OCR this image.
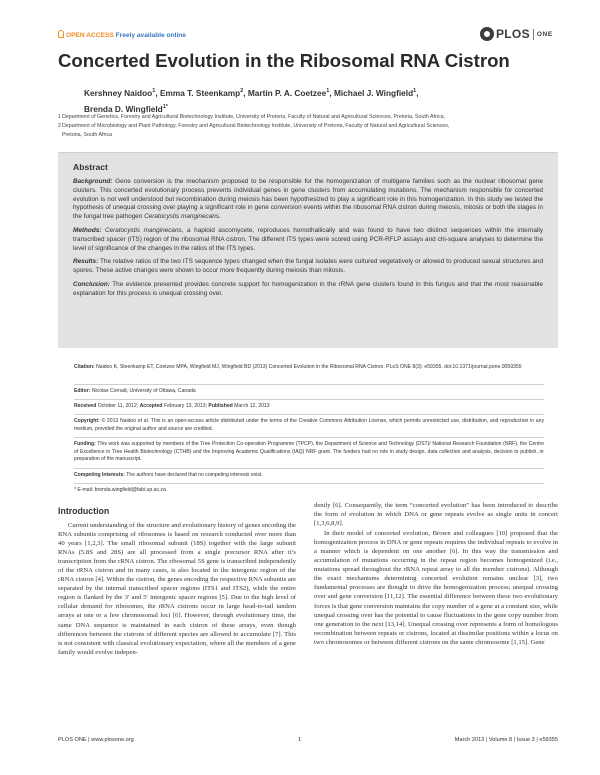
OPEN ACCESS Freely available online	PLOS ONE
Concerted Evolution in the Ribosomal RNA Cistron
Kershney Naidoo$^1$, Emma T. Steenkamp$^2$, Martin P. A. Coetzee$^1$, Michael J. Wingfield$^1$,
Brenda D. Wingfield$^{1*}$
1 Department of Genetics, Forestry and Agricultural Biotechnology Institute, University of Pretoria, Faculty of Natural and Agricultural Sciences, Pretoria, South Africa,
2 Department of Microbiology and Plant Pathology, Forestry and Agricultural Biotechnology Institute, University of Pretoria, Faculty of Natural and Agricultural Sciences,
Pretoria, South Africa
Abstract

Background: Gene conversion is the mechanism proposed to be responsible for the homogenization of multigene families such as the nuclear ribosomal gene clusters. This concerted evolutionary process prevents individual genes in gene clusters from accumulating mutations. The mechanism responsible for concerted evolution is not well understood but recombination during meiosis has been hypothesized to play a significant role in this homogenization. In this study we tested the hypothesis of unequal crossing over playing a significant role in gene conversion events within the ribosomal RNA cistron during meiosis, mitosis or both life stages in the fungal tree pathogen Ceratocystis manginecans.

Methods: Ceratocystis manginecans, a haploid ascomycete, reproduces homothallically and was found to have two distinct sequences within the internally transcribed spacer (ITS) region of the ribosomal RNA cistron. The different ITS types were scored using PCR-RFLP assays and chi-square analyses to determine the level of significance of the changes in the ratios of the ITS types.

Results: The relative ratios of the two ITS sequence types changed when the fungal isolates were cultured vegetatively or allowed to produced sexual structures and spores. These active changes were shown to occur more frequently during meiosis than mitosis.

Conclusion: The evidence presented provides concrete support for homogenization in the rRNA gene clusters found in this fungus and that the most reasonable explanation for this process is unequal crossing over.

Citation: Naidoo K, Steenkamp ET, Coetzee MPA, Wingfield MJ, Wingfield BD (2013) Concerted Evolution in the Ribosomal RNA Cistron. PLoS ONE 8(3): e59355. doi:10.1371/journal.pone.0059355
Editor: Nicolas Corradi, University of Ottawa, Canada
Received October 11, 2012; Accepted February 13, 2013; Published March 12, 2013
Copyright: © 2013 Naidoo et al. This is an open-access article distributed under the terms of the Creative Commons Attribution License, which permits unrestricted use, distribution, and reproduction in any medium, provided the original author and source are credited.
Funding: This work was supported by members of the Tree Protection Co-operation Programme (TPCP), the Department of Science and Technology (DST)/ National Research Foundation (NRF), the Centre of Excellence in Tree Health Biotechnology (CTHB) and the Improving Academic Qualifications (IAQ) NRF grant. The funders had no role in study design, data collection and analysis, decision to publish, or preparation of the manuscript.
Competing Interests: The authors have declared that no competing interests exist.
* E-mail: brenda.wingfield@fabi.up.ac.za
Introduction

Current understanding of the structure and evolutionary history of genes encoding the RNA subunits comprising of ribosomes is based on research conducted over more than 40 years [1,2,3]. The small ribosomal subunit (18S) together with the large subunit RNAs (5.8S and 28S) are all processed from a single precursor RNA after it’s transcription from the rRNA cistron. The ribosomal 5S gene is transcribed independently of the rRNA cistron and in many cases, is also located in the intergenic region of the rRNA cistron [4]. Within the cistron, the genes encoding the respective RNA subunits are separated by the internal transcribed spacer regions (ITS1 and ITS2), while the entire region is flanked by the 3′ and 5′ intergenic spacer regions [5]. Due to the high level of cellular demand for ribosomes, the rRNA cistrons occur in large head-to-tail tandem arrays at one or a few chromosomal loci [6]. However, through evolutionary time, the same DNA sequence is maintained in each cistron of these arrays, even though differences between the cistrons of different species are allowed to accumulate [7]. This is not consistent with classical evolutionary expectation, where all the members of a gene family would evolve indepen-

dently [6]. Consequently, the term “concerted evolution” has been introduced to describe the form of evolution in which DNA or gene repeats evolve as single units in concert [1,3,6,8,9].

In their model of concerted evolution, Brown and colleagues [10] proposed that the homogenization process in DNA or gene repeats requires the individual repeats to evolve in a manner which is dependent on one another [6]. In this way the transmission and accumulation of mutations occurring in the repeat region becomes homogenized (i.e., mutations spread throughout the rRNA repeat array to all the member cistrons). Although the exact mechanisms determining concerted evolution remains unclear [3], two fundamental processes are thought to drive the homogenization process; unequal crossing over and gene conversion [11,12]. The essential difference between these two evolutionary forces is that gene conversion maintains the copy number of a gene at a constant size, while unequal crossing over has the potential to cause fluctuations in the gene copy number from one generation to the next [13,14]. Unequal crossing over represents a form of homologous recombination between repeats or cistrons, located at dissimilar positions within a locus on two chromosomes or between different cistrons on the same chromosome [1,15]. Gene

PLOS ONE | www.plosone.org	1	March 2013 | Volume 8 | Issue 3 | e59355
